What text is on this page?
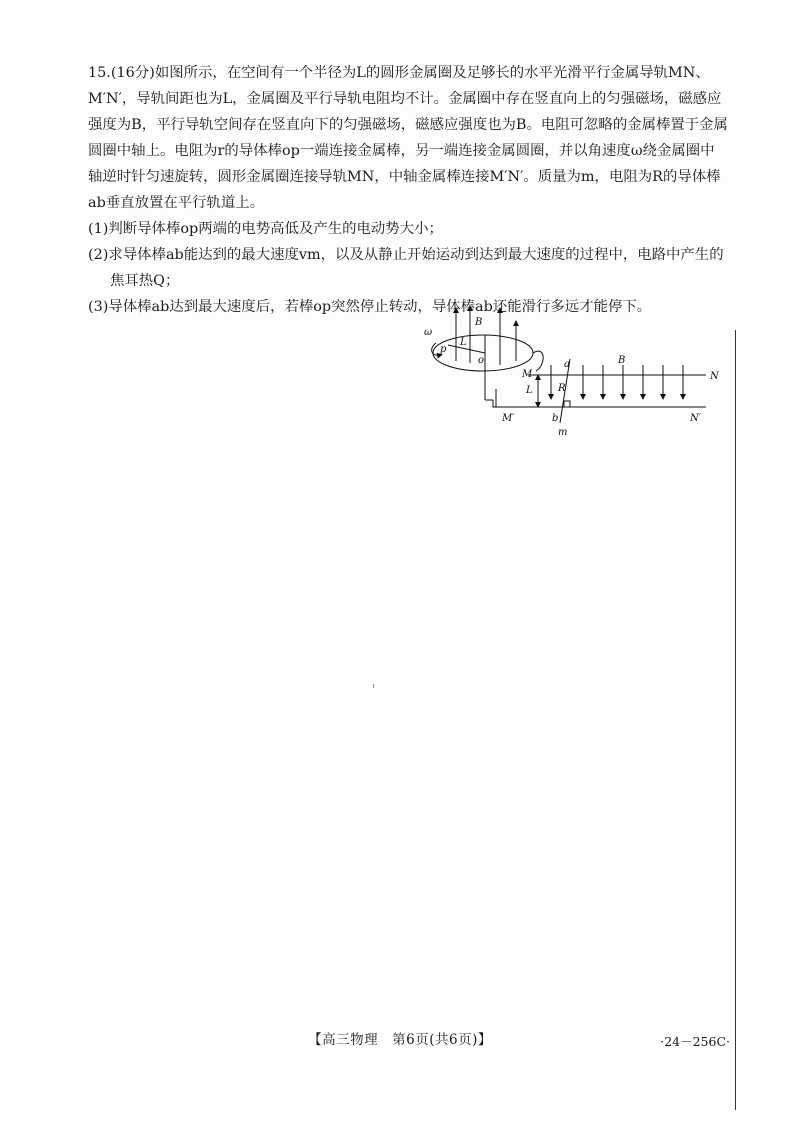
15.(16分)如图所示，在空间有一个半径为L的圆形金属圈及足够长的水平光滑平行金属导轨MN、M′N′，导轨间距也为L，金属圈及平行导轨电阻均不计。金属圈中存在竖直向上的匀强磁场，磁感应强度为B，平行导轨空间存在竖直向下的匀强磁场，磁感应强度也为B。电阻可忽略的金属棒置于金属圆圈中轴上。电阻为r的导体棒op一端连接金属棒，另一端连接金属圆圈，并以角速度ω绕金属圈中轴逆时针匀速旋转，圆形金属圈连接导轨MN，中轴金属棒连接M′N′。质量为m，电阻为R的导体棒ab垂直放置在平行轨道上。

(1)判断导体棒op两端的电势高低及产生的电动势大小；

(2)求导体棒ab能达到的最大速度vm，以及从静止开始运动到达到最大速度的过程中，电路中产生的焦耳热Q；

(3)导体棒ab达到最大速度后，若棒op突然停止转动，导体棒ab还能滑行多远才能停下。

ω
p
L
o
B
a	B
M	N
L	R
M′	b	N′
m
【高三物理　第6页(共6页)】	·24－256C·
